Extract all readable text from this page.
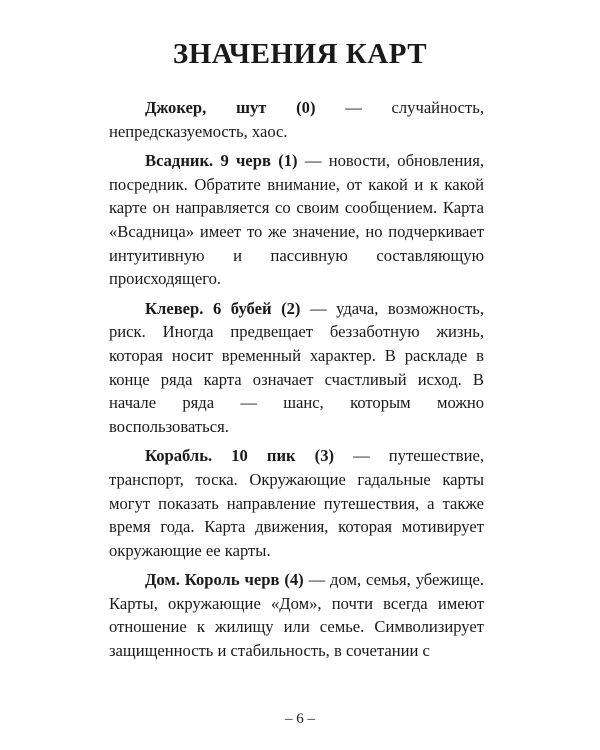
ЗНАЧЕНИЯ КАРТ

Джокер, шут (0) — случайность, непредсказуемость, хаос.

Всадник. 9 черв (1) — новости, обновления, посредник. Обратите внимание, от какой и к какой карте он направляется со своим сообщением. Карта «Всадница» имеет то же значение, но подчеркивает интуитивную и пассивную составляющую происходящего.

Клевер. 6 бубей (2) — удача, возможность, риск. Иногда предвещает беззаботную жизнь, которая носит временный характер. В раскладе в конце ряда карта означает счастливый исход. В начале ряда — шанс, которым можно воспользоваться.

Корабль. 10 пик (3) — путешествие, транспорт, тоска. Окружающие гадальные карты могут показать направление путешествия, а также время года. Карта движения, которая мотивирует окружающие ее карты.

Дом. Король черв (4) — дом, семья, убежище. Карты, окружающие «Дом», почти всегда имеют отношение к жилищу или семье. Символизирует защищенность и стабильность, в сочетании с

– 6 –
